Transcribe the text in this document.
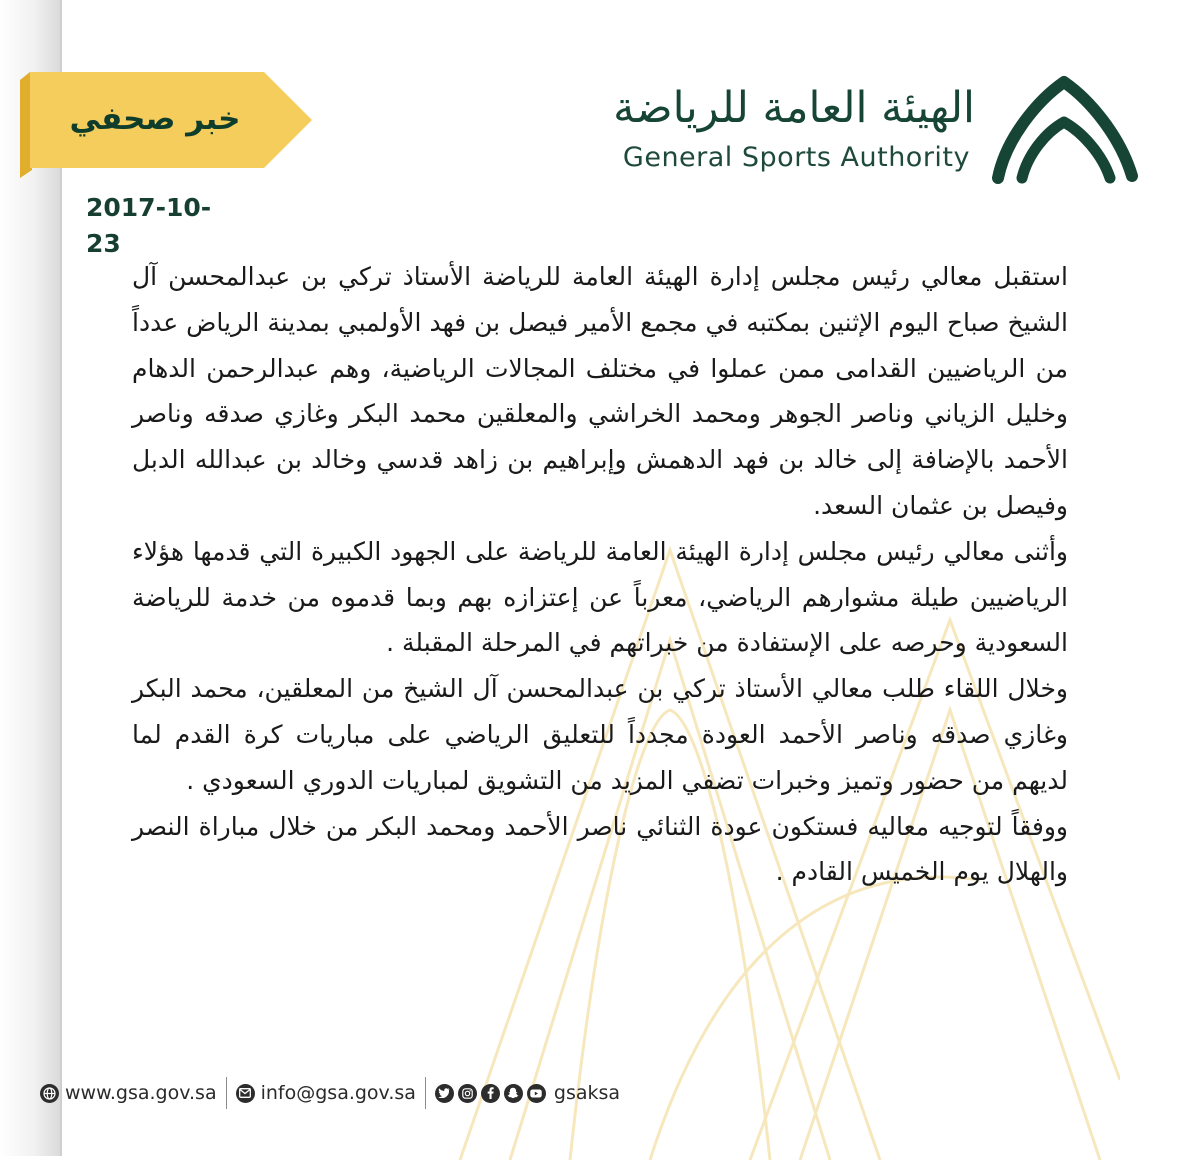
خبر صحفي
2017-10-23
الهيئة العامة للرياضة
General Sports Authority

استقبل معالي رئيس مجلس إدارة الهيئة العامة للرياضة الأستاذ تركي بن عبدالمحسن آل الشيخ صباح اليوم الإثنين بمكتبه في مجمع الأمير فيصل بن فهد الأولمبي بمدينة الرياض عدداً من الرياضيين القدامى ممن عملوا في مختلف المجالات الرياضية، وهم عبدالرحمن الدهام وخليل الزياني وناصر الجوهر ومحمد الخراشي والمعلقين محمد البكر وغازي صدقه وناصر الأحمد بالإضافة إلى خالد بن فهد الدهمش وإبراهيم بن زاهد قدسي وخالد بن عبدالله الدبل وفيصل بن عثمان السعد.

وأثنى معالي رئيس مجلس إدارة الهيئة العامة للرياضة على الجهود الكبيرة التي قدمها هؤلاء الرياضيين طيلة مشوارهم الرياضي، معرباً عن إعتزازه بهم وبما قدموه من خدمة للرياضة السعودية وحرصه على الإستفادة من خبراتهم في المرحلة المقبلة .

وخلال اللقاء طلب معالي الأستاذ تركي بن عبدالمحسن آل الشيخ من المعلقين، محمد البكر وغازي صدقه وناصر الأحمد العودة مجدداً للتعليق الرياضي على مباريات كرة القدم لما لديهم من حضور وتميز وخبرات تضفي المزيد من التشويق لمباريات الدوري السعودي .

ووفقاً لتوجيه معاليه فستكون عودة الثنائي ناصر الأحمد ومحمد البكر من خلال مباراة النصر والهلال يوم الخميس القادم .

www.gsa.gov.sa info@gsa.gov.sa	gsaksa
